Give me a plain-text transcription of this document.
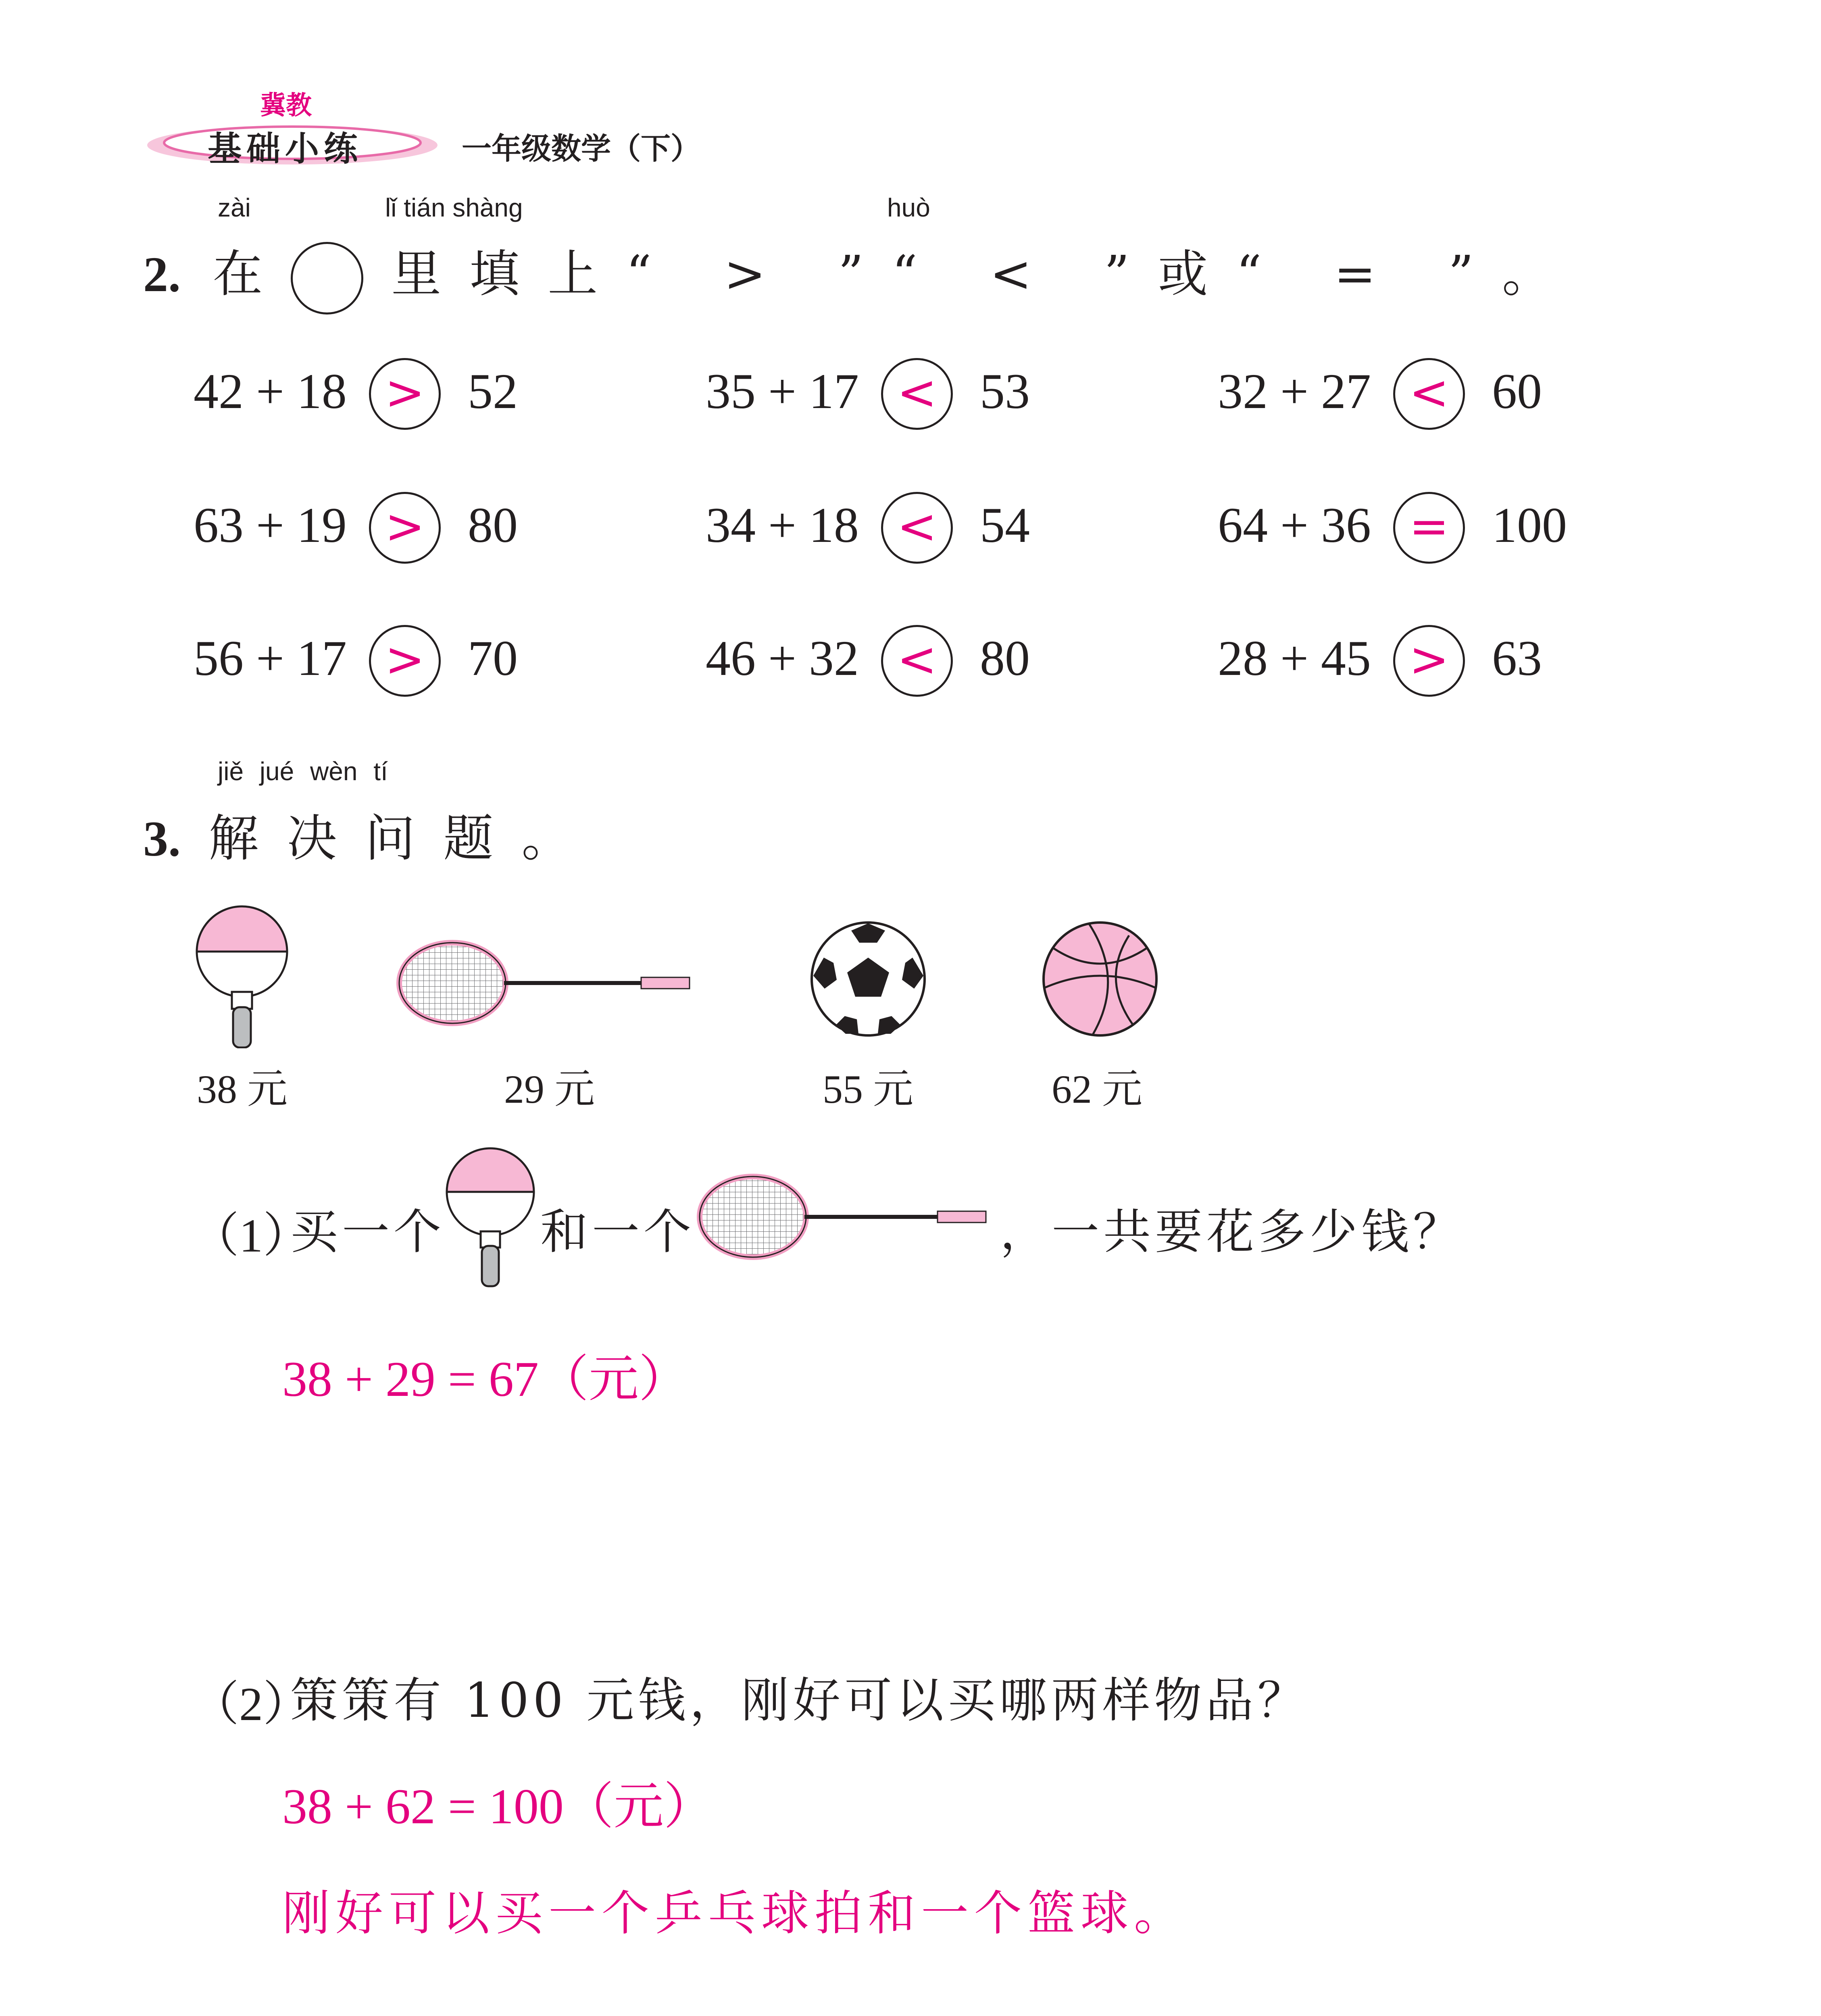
冀教
基础小练	一年级数学（下）
zài	lǐ tián shàng	huò
2. 在	里填上“ > ”“ < ”或“ = ”。
42 + 18 > 52	35 + 17 < 53	32 + 27 < 60
63 + 19 > 80	34 + 18 < 54	64 + 36 = 100
56 + 17 > 70	46 + 32 < 80	28 + 45 > 63
jiě jué wèn tí
3. 解决问题。
38 元	29 元	55 元	62 元
（1）
买一个 和一个	，一共要花多少钱？
38 + 29 = 67（元）
（2）
策策有 100 元钱，刚好可以买哪两样物品？
38 + 62 = 100（元）
刚好可以买一个乒乓球拍和一个篮球。
